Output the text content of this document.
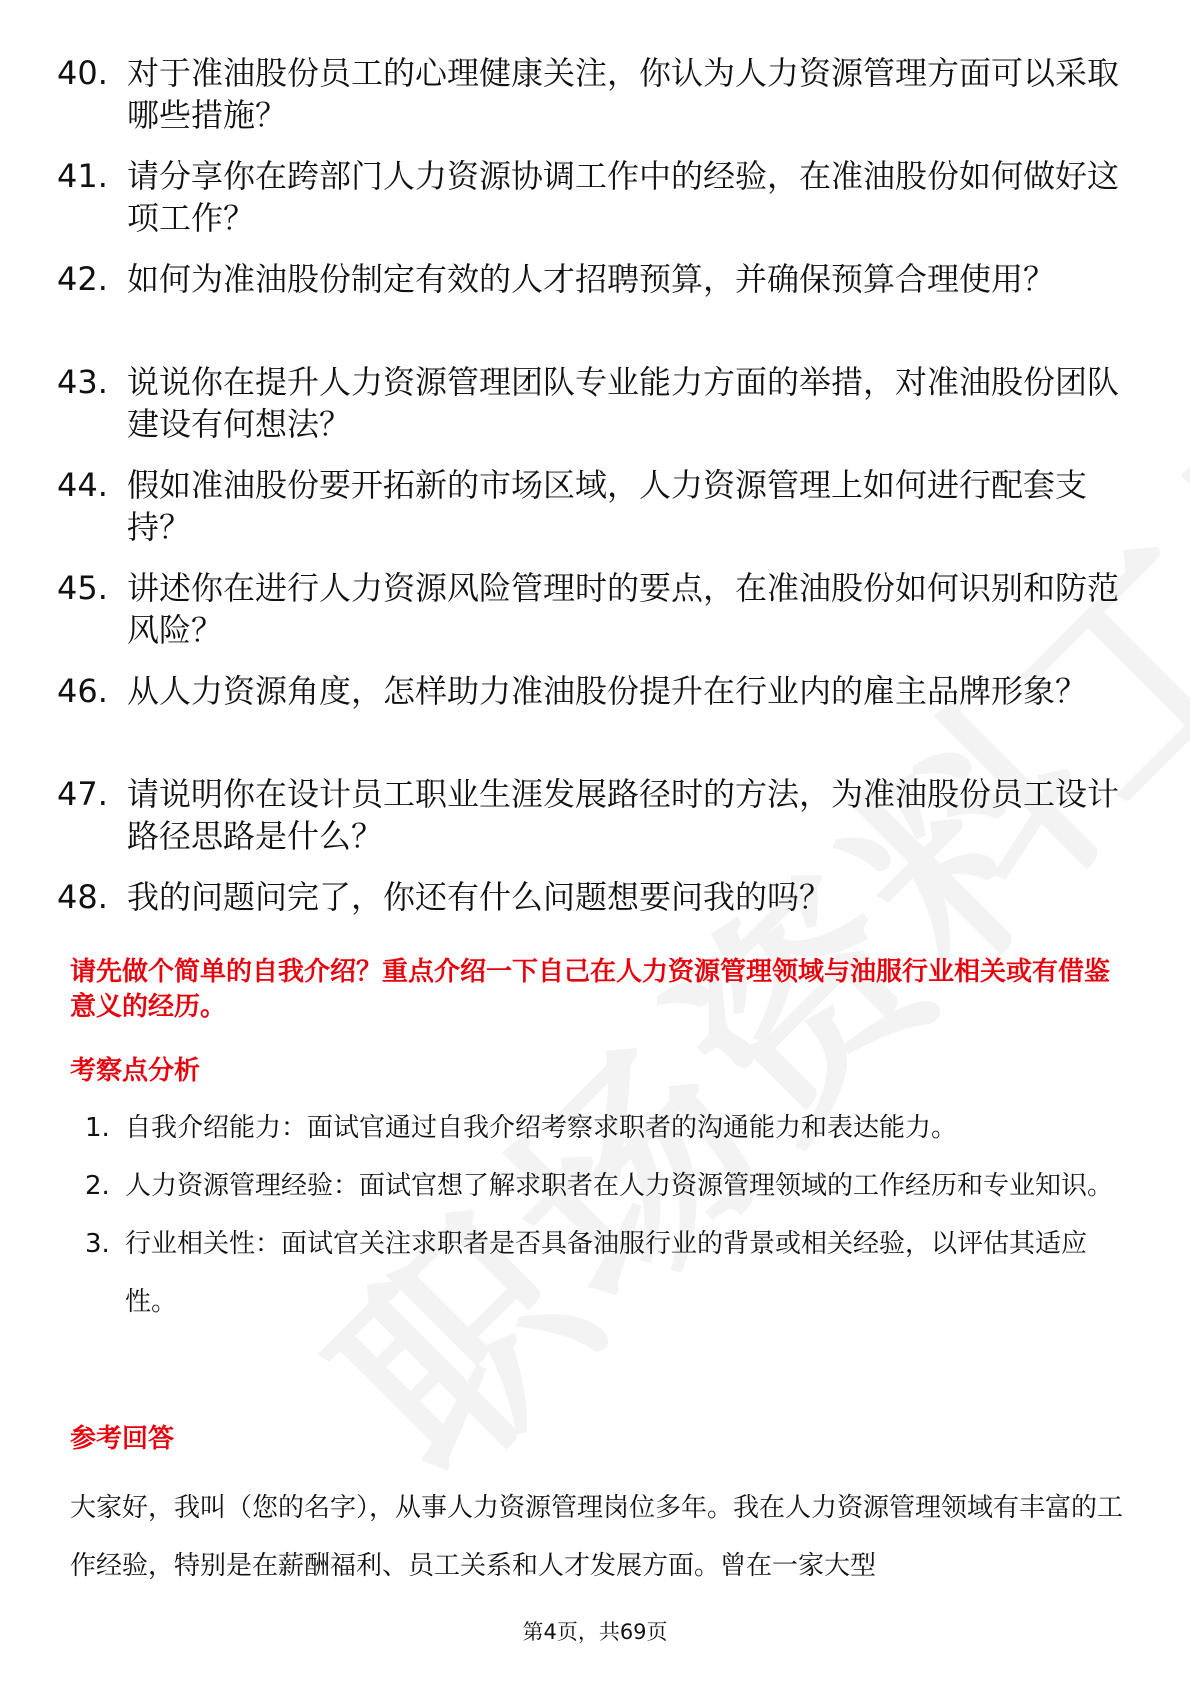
40. 对于准油股份员工的心理健康关注，你认为人力资源管理方面可以采取哪些措施？
41. 请分享你在跨部门人力资源协调工作中的经验，在准油股份如何做好这项工作？
42. 如何为准油股份制定有效的人才招聘预算，并确保预算合理使用？
43. 说说你在提升人力资源管理团队专业能力方面的举措，对准油股份团队建设有何想法？
44. 假如准油股份要开拓新的市场区域，人力资源管理上如何进行配套支持？
45. 讲述你在进行人力资源风险管理时的要点，在准油股份如何识别和防范风险？
46. 从人力资源角度，怎样助力准油股份提升在行业内的雇主品牌形象？
47. 请说明你在设计员工职业生涯发展路径时的方法，为准油股份员工设计路径思路是什么？
48. 我的问题问完了，你还有什么问题想要问我的吗？
请先做个简单的自我介绍？重点介绍一下自己在人力资源管理领域与油服行业相关或有借鉴意义的经历。
考察点分析
1. 自我介绍能力：面试官通过自我介绍考察求职者的沟通能力和表达能力。
2. 人力资源管理经验：面试官想了解求职者在人力资源管理领域的工作经历和专业知识。
3. 行业相关性：面试官关注求职者是否具备油服行业的背景或相关经验，以评估其适应性。
参考回答
大家好，我叫（您的名字），从事人力资源管理岗位多年。我在人力资源管理领域有丰富的工作经验，特别是在薪酬福利、员工关系和人才发展方面。曾在一家大型
第4页，共69页
